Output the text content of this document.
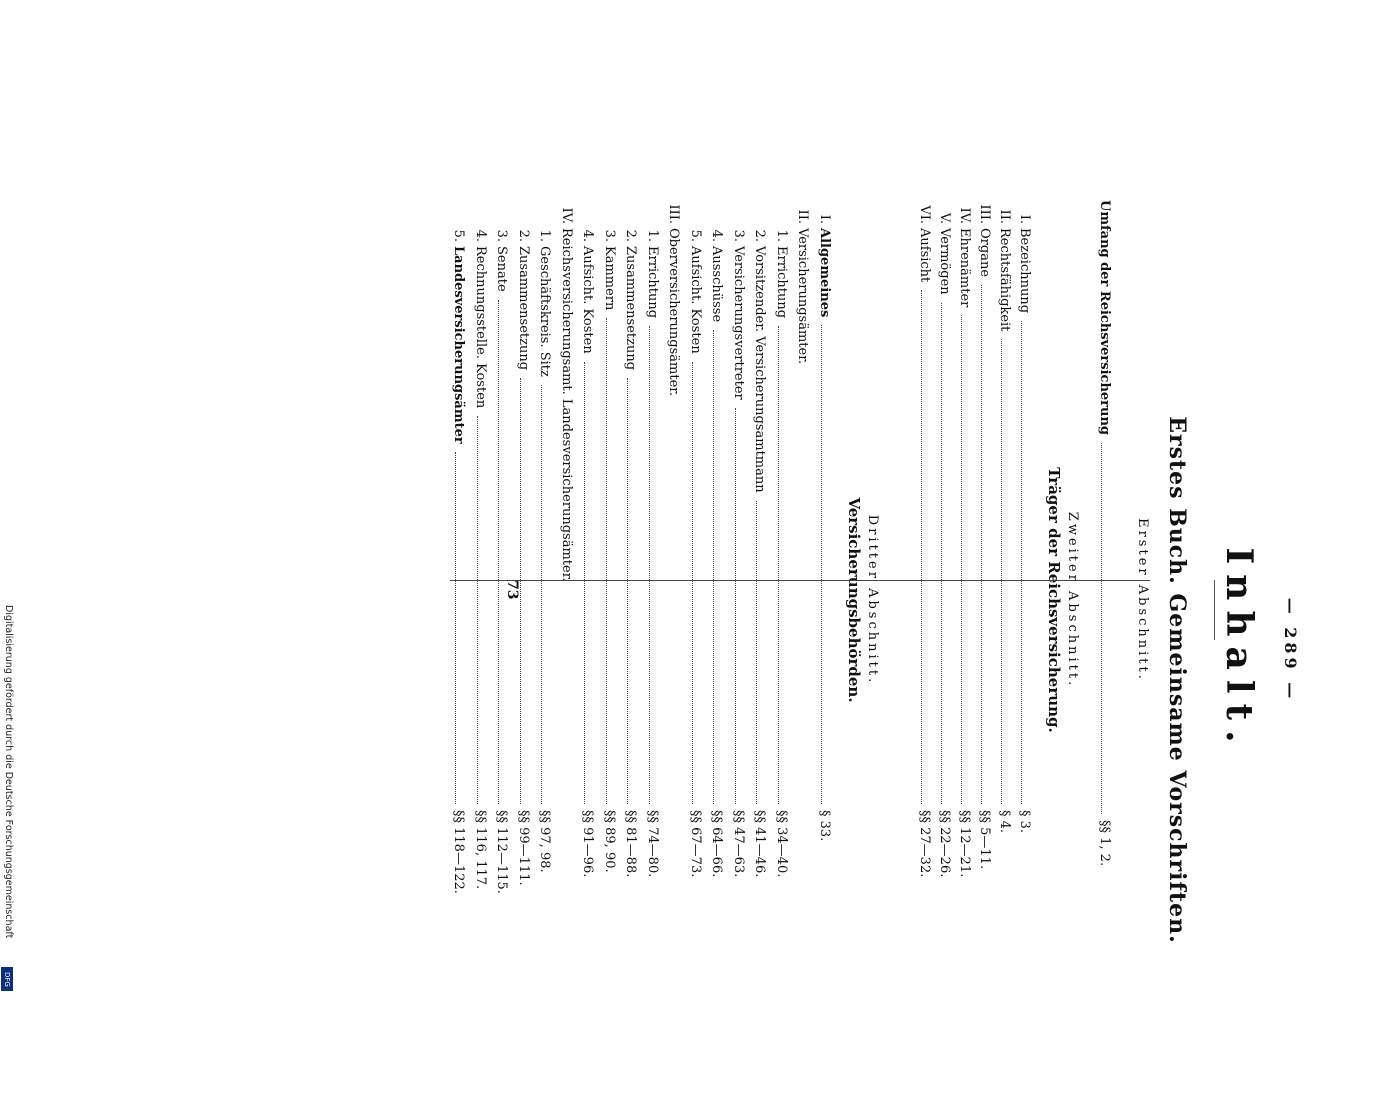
— 289 —
Inhalt.
Erstes Buch. Gemeinsame Vorschriften.
Erster Abschnitt.
Umfang der Reichsversicherung
§§ 1, 2.
Zweiter Abschnitt.
Träger der Reichsversicherung.
I.
Bezeichnung
§ 3.
II.
Rechtsfähigkeit
§ 4.
III.
Organe
§§ 5—11.
IV.
Ehrenämter
§§ 12—21.
V.
Vermögen
§§ 22—26.
VI.
Aufsicht
§§ 27—32.
Dritter Abschnitt.
Versicherungsbehörden.
I.
Allgemeines
§ 33.
II.
Versicherungsämter.
1.
Errichtung
§§ 34—40.
2.
Vorsitzender. Versicherungsamtmann
§§ 41—46.
3.
Versicherungsvertreter
§§ 47—63.
4.
Ausschüsse
§§ 64—66.
5.
Aufsicht. Kosten
§§ 67—73.
III.
Oberversicherungsämter.
1.
Errichtung
§§ 74—80.
2.
Zusammensetzung
§§ 81—88.
3.
Kammern
§§ 89, 90.
4.
Aufsicht. Kosten
§§ 91—96.
IV.
Reichsversicherungsamt. Landesversicherungsämter.
1.
Geschäftskreis. Sitz
§§ 97, 98.
2.
Zusammensetzung
§§ 99—111.
3.
Senate
§§ 112—115.
4.
Rechnungsstelle. Kosten
§§ 116, 117.
5.
Landesversicherungsämter
§§ 118—122.
73
Digitalisierung gefördert durch die Deutsche Forschungsgemeinschaft
DFG
